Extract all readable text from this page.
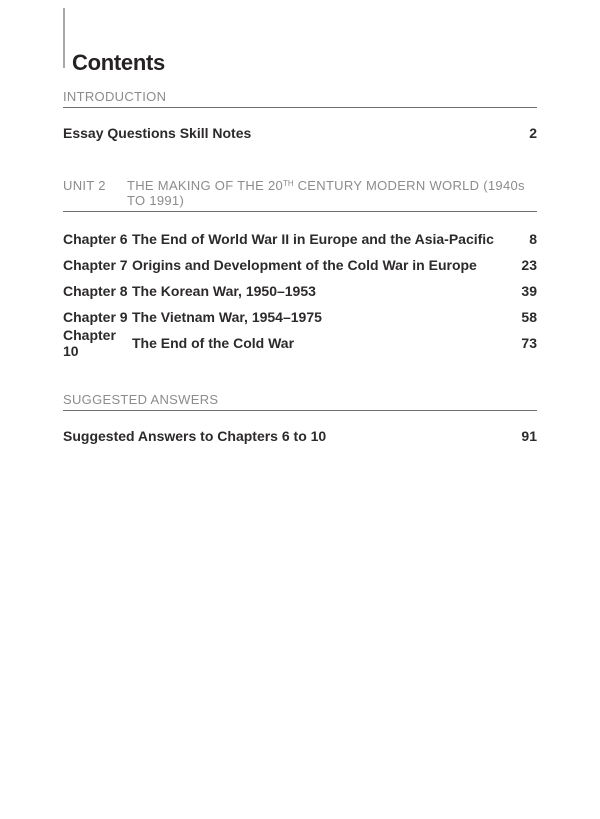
Contents
INTRODUCTION
Essay Questions Skill Notes	2
UNIT 2	THE MAKING OF THE 20TH CENTURY MODERN WORLD (1940s TO 1991)
Chapter 6 The End of World War II in Europe and the Asia-Pacific	8
Chapter 7 Origins and Development of the Cold War in Europe	23
Chapter 8 The Korean War, 1950–1953	39
Chapter 9 The Vietnam War, 1954–1975	58
Chapter 10	The End of the Cold War	73
SUGGESTED ANSWERS
Suggested Answers to Chapters 6 to 10	91
